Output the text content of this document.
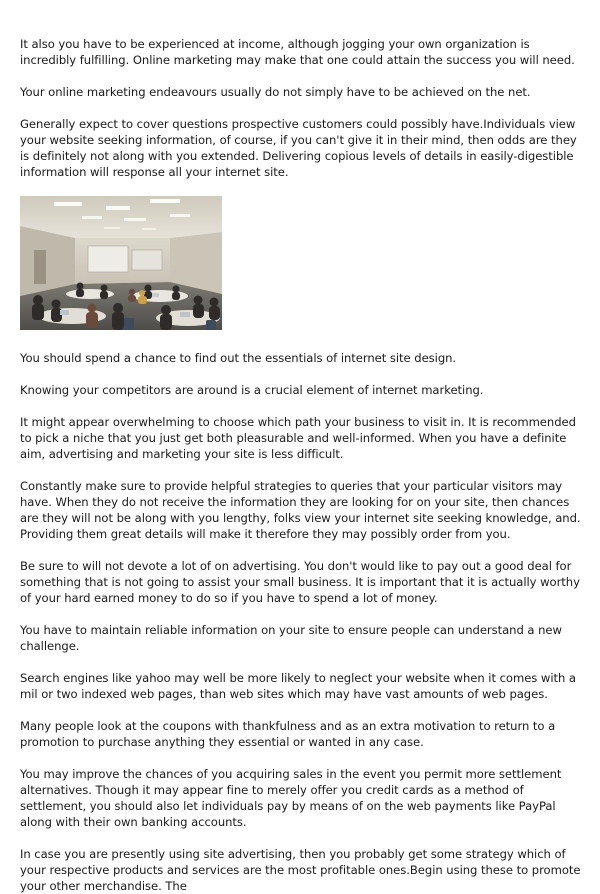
It also you have to be experienced at income, although jogging your own organization is incredibly fulfilling. Online marketing may make that one could attain the success you will need.

Your online marketing endeavours usually do not simply have to be achieved on the net.

Generally expect to cover questions prospective customers could possibly have.Individuals view your website seeking information, of course, if you can't give it in their mind, then odds are they is definitely not along with you extended. Delivering copious levels of details in easily-digestible information will response all your internet site.

You should spend a chance to find out the essentials of internet site design.

Knowing your competitors are around is a crucial element of internet marketing.

It might appear overwhelming to choose which path your business to visit in. It is recommended to pick a niche that you just get both pleasurable and well-informed. When you have a definite aim, advertising and marketing your site is less difficult.

Constantly make sure to provide helpful strategies to queries that your particular visitors may have. When they do not receive the information they are looking for on your site, then chances are they will not be along with you lengthy, folks view your internet site seeking knowledge, and. Providing them great details will make it therefore they may possibly order from you.

Be sure to will not devote a lot of on advertising. You don't would like to pay out a good deal for something that is not going to assist your small business. It is important that it is actually worthy of your hard earned money to do so if you have to spend a lot of money.

You have to maintain reliable information on your site to ensure people can understand a new challenge.

Search engines like yahoo may well be more likely to neglect your website when it comes with a mil or two indexed web pages, than web sites which may have vast amounts of web pages.

Many people look at the coupons with thankfulness and as an extra motivation to return to a promotion to purchase anything they essential or wanted in any case.

You may improve the chances of you acquiring sales in the event you permit more settlement alternatives. Though it may appear fine to merely offer you credit cards as a method of settlement, you should also let individuals pay by means of on the web payments like PayPal along with their own banking accounts.

In case you are presently using site advertising, then you probably get some strategy which of your respective products and services are the most profitable ones.Begin using these to promote your other merchandise. The
